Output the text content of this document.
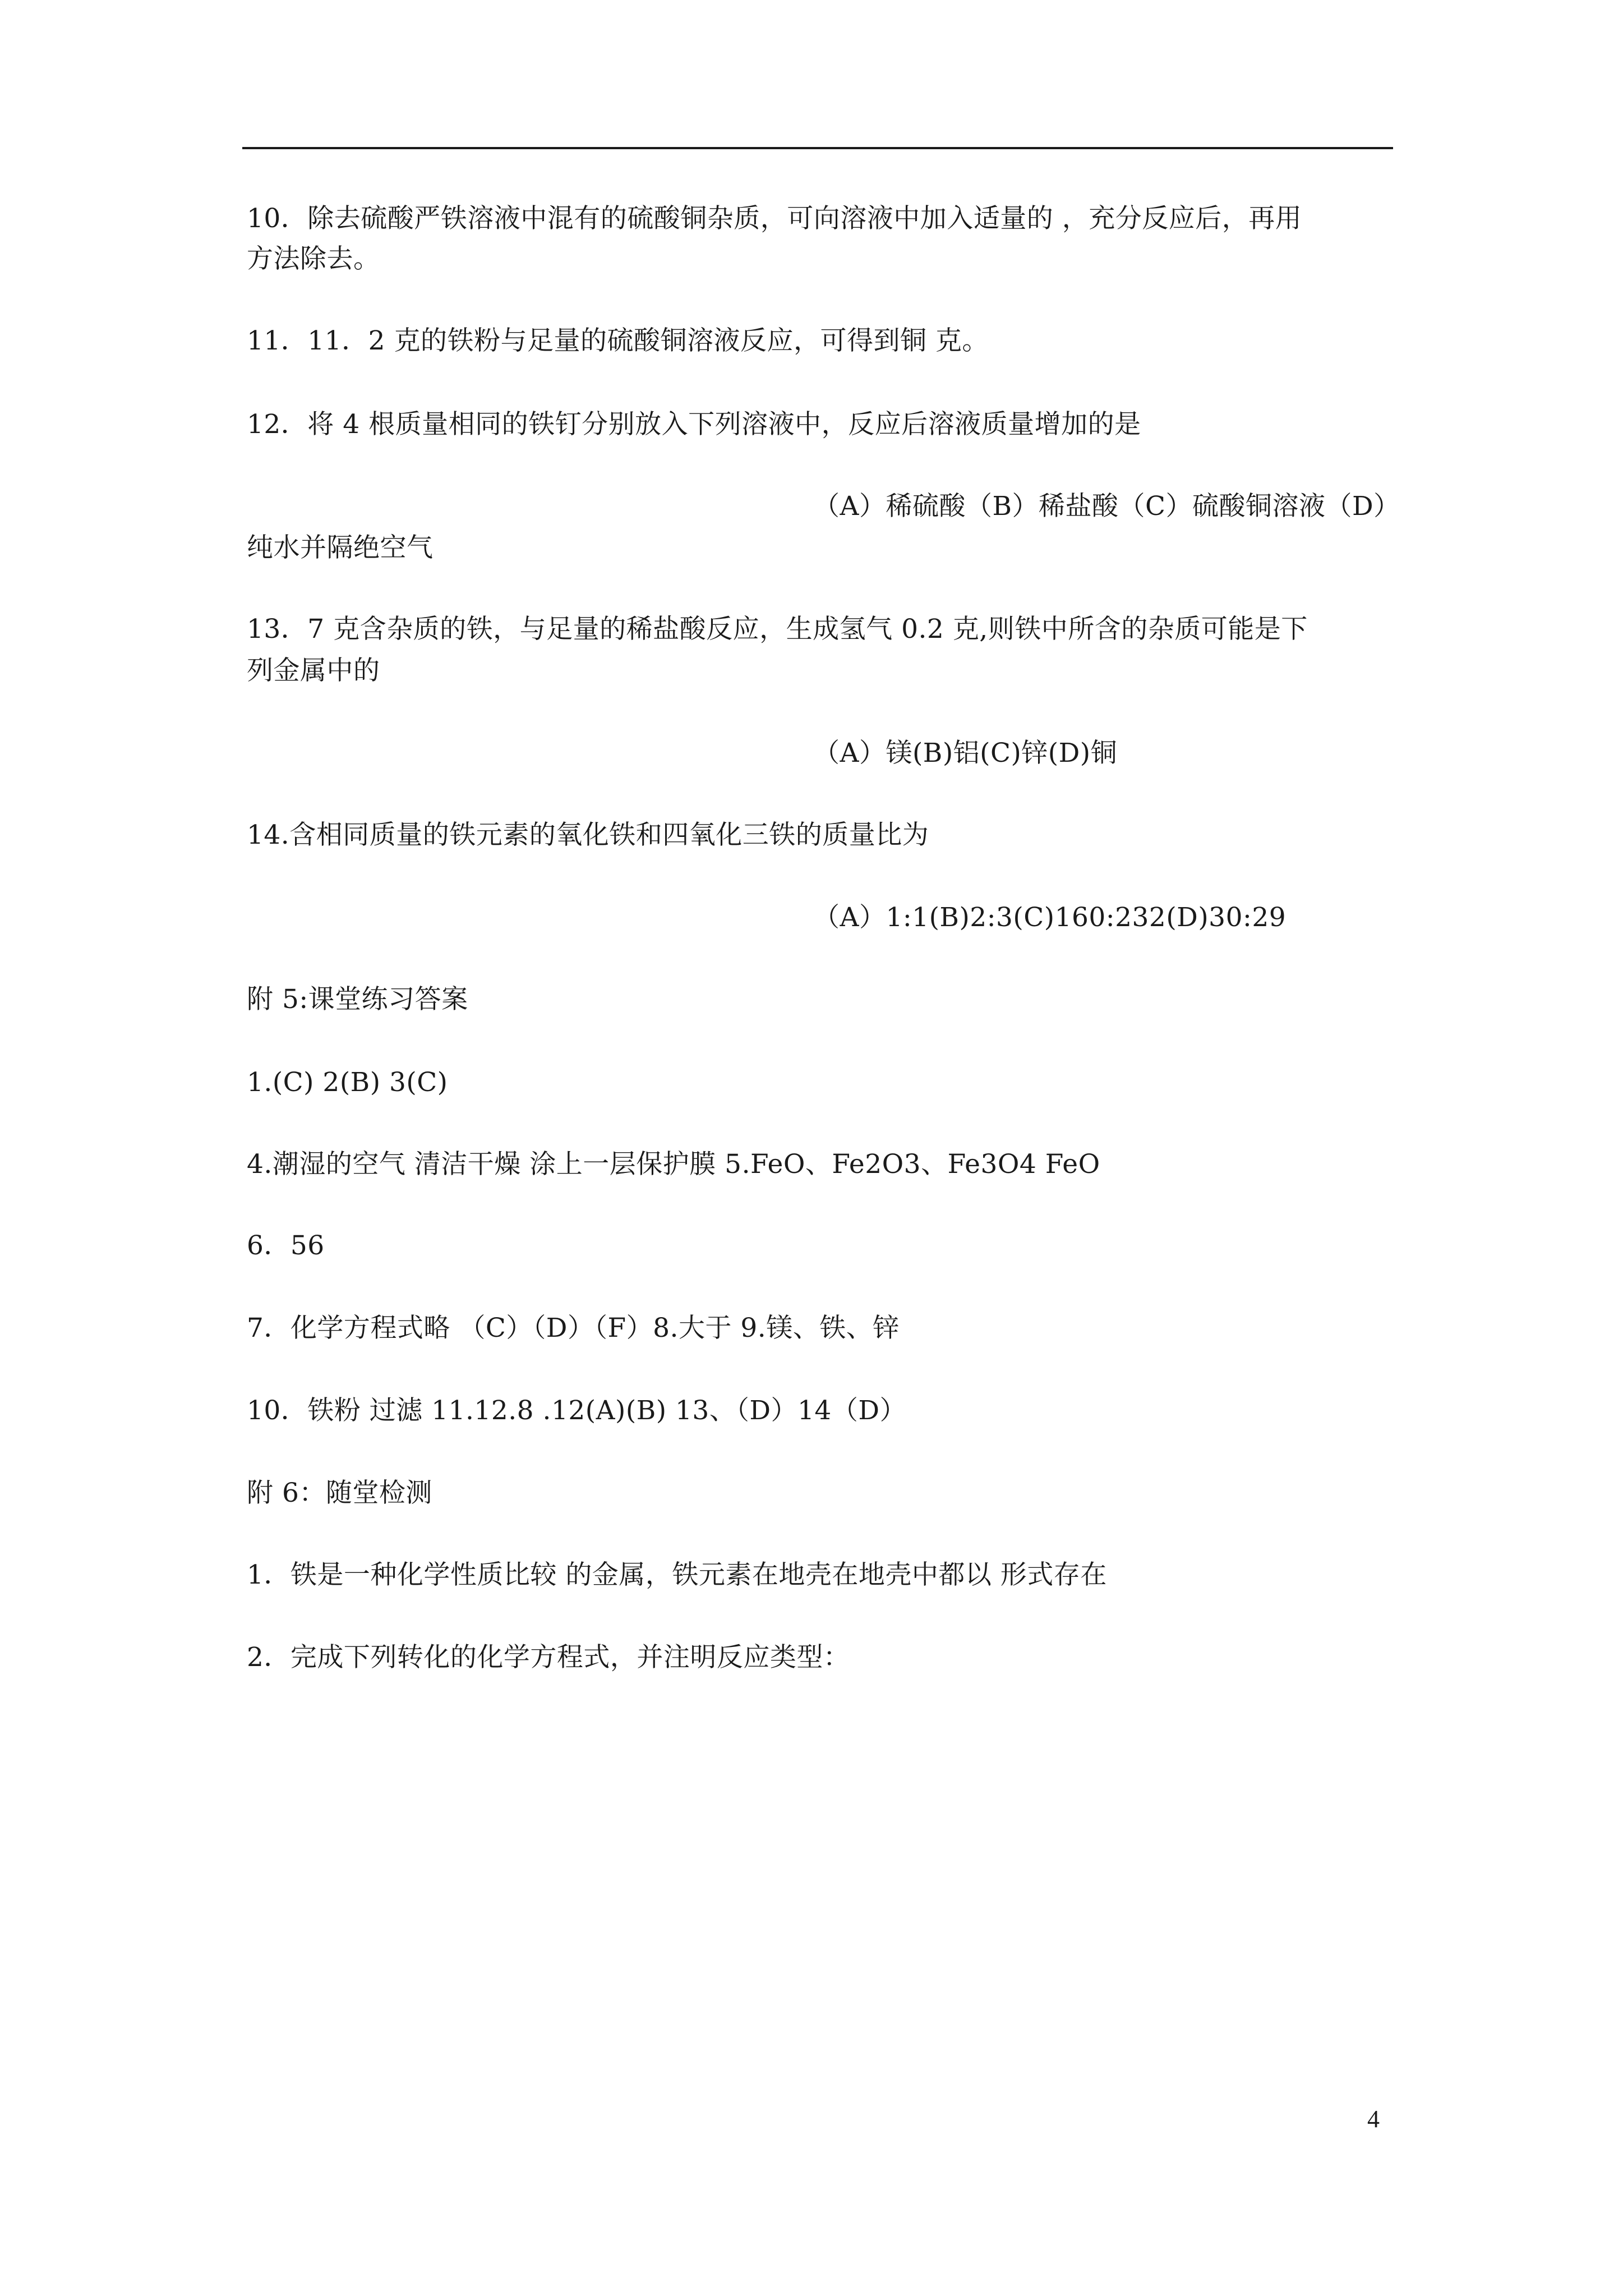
10．除去硫酸严铁溶液中混有的硫酸铜杂质，可向溶液中加入适量的 ，充分反应后，再用
方法除去。
11．11．2 克的铁粉与足量的硫酸铜溶液反应，可得到铜 克。
12．将 4 根质量相同的铁钉分别放入下列溶液中，反应后溶液质量增加的是
（A）稀硫酸（B）稀盐酸（C）硫酸铜溶液（D）
纯水并隔绝空气
13．7 克含杂质的铁，与足量的稀盐酸反应，生成氢气 0.2 克,则铁中所含的杂质可能是下
列金属中的
（A）镁(B)铝(C)锌(D)铜
14.含相同质量的铁元素的氧化铁和四氧化三铁的质量比为
（A）1:1(B)2:3(C)160:232(D)30:29
附 5:课堂练习答案
1.(C) 2(B) 3(C)
4.潮湿的空气 清洁干燥 涂上一层保护膜 5.FeO、Fe2O3、Fe3O4 FeO
6．56
7．化学方程式略 （C）（D）（F）8.大于 9.镁、铁、锌
10．铁粉 过滤 11.12.8 .12(A)(B) 13、（D）14（D）
附 6：随堂检测
1．铁是一种化学性质比较 的金属，铁元素在地壳在地壳中都以 形式存在
2．完成下列转化的化学方程式，并注明反应类型：
4
